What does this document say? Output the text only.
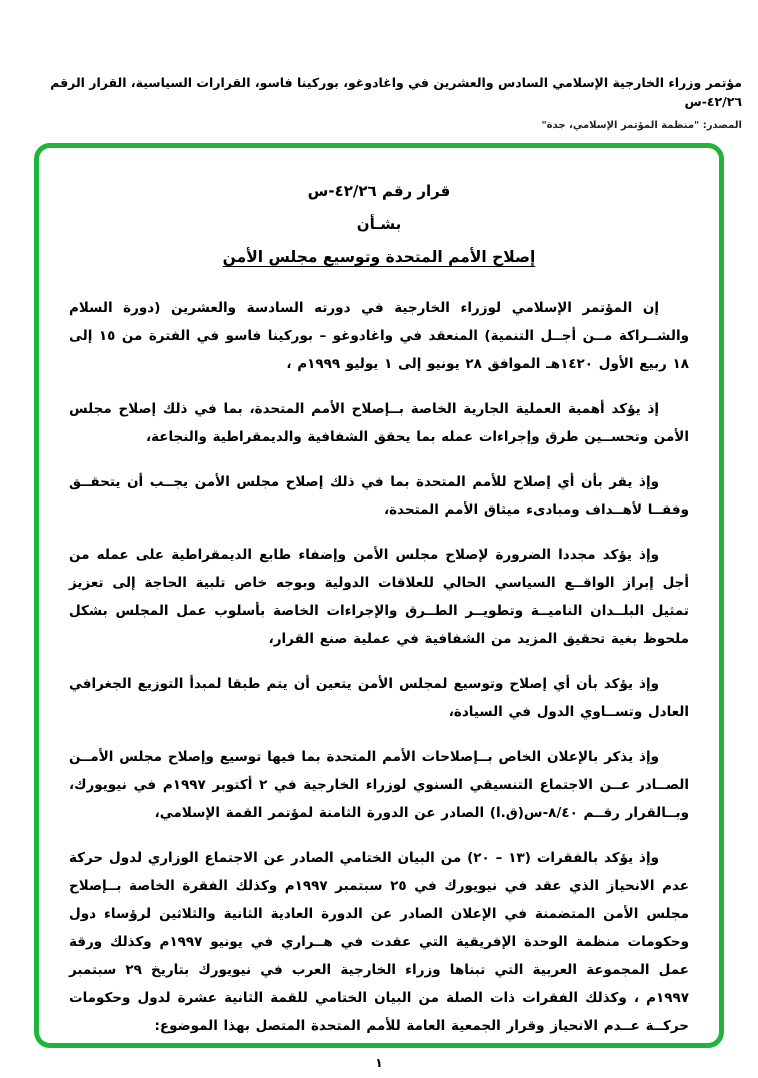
مؤتمر وزراء الخارجية الإسلامي السادس والعشرين في واغادوغو، بوركينا فاسو، القرارات السياسية، القرار الرقم ٤٢/٢٦-س
المصدر: "منظمة المؤتمر الإسلامي، جدة"
قرار رقم ٤٢/٢٦-س
بشـأن
إصلاح الأمم المتحدة وتوسيع مجلس الأمن
إن المؤتمر الإسلامي لوزراء الخارجية في دورته السادسة والعشرين (دورة السلام والشــراكة مــن أجــل التنمية) المنعقد في واغادوغو – بوركينا فاسو في الفترة من ١٥ إلى ١٨ ربيع الأول ١٤٢٠هـ الموافق ٢٨ يونيو إلى ١ يوليو ١٩٩٩م ،
إذ يؤكد أهمية العملية الجارية الخاصة بــإصلاح الأمم المتحدة، بما في ذلك إصلاح مجلس الأمن وتحســين طرق وإجراءات عمله بما يحقق الشفافية والديمقراطية والنجاعة،
وإذ يقر بأن أي إصلاح للأمم المتحدة بما في ذلك إصلاح مجلس الأمن يجــب أن يتحقــق وفقــا لأهــداف ومبادىء ميثاق الأمم المتحدة،
وإذ يؤكد مجددا الضرورة لإصلاح مجلس الأمن وإضفاء طابع الديمقراطية على عمله من أجل إبراز الواقــع السياسي الحالي للعلاقات الدولية وبوجه خاص تلبية الحاجة إلى تعزيز تمثيل البلــدان الناميــة وتطويــر الطــرق والإجراءات الخاصة بأسلوب عمل المجلس بشكل ملحوظ بغية تحقيق المزيد من الشفافية في عملية صنع القرار،
وإذ يؤكد بأن أي إصلاح وتوسيع لمجلس الأمن يتعين أن يتم طبقا لمبدأ التوزيع الجغرافي العادل وتســاوي الدول في السيادة،
وإذ يذكر بالإعلان الخاص بــإصلاحات الأمم المتحدة بما فيها توسيع وإصلاح مجلس الأمــن الصــادر عــن الاجتماع التنسيقي السنوي لوزراء الخارجية في ٢ أكتوبر ١٩٩٧م في نيويورك، وبــالقرار رقــم ٨/٤٠-س(ق.ا) الصادر عن الدورة الثامنة لمؤتمر القمة الإسلامي،
وإذ يؤكد بالفقرات (١٣ – ٢٠) من البيان الختامي الصادر عن الاجتماع الوزاري لدول حركة عدم الانحياز الذي عقد في نيويورك في ٢٥ سبتمبر ١٩٩٧م وكذلك الفقرة الخاصة بــإصلاح مجلس الأمن المتضمنة في الإعلان الصادر عن الدورة العادية الثانية والثلاثين لرؤساء دول وحكومات منظمة الوحدة الإفريقية التي عقدت في هــراري في يونيو ١٩٩٧م وكذلك ورقة عمل المجموعة العربية التي تبناها وزراء الخارجية العرب في نيويورك بتاريخ ٢٩ سبتمبر ١٩٩٧م ، وكذلك الفقرات ذات الصلة من البيان الختامي للقمة الثانية عشرة لدول وحكومات حركــة عــدم الانحياز وقرار الجمعية العامة للأمم المتحدة المتصل بهذا الموضوع:
١
